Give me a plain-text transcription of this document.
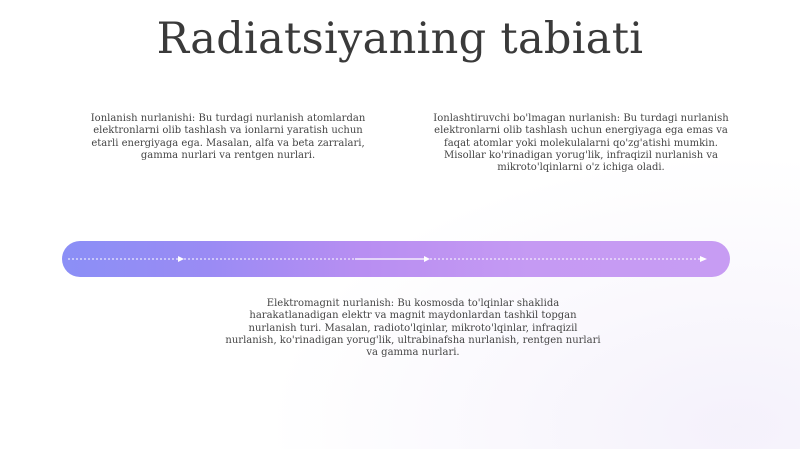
Radiatsiyaning tabiati
Ionlanish nurlanishi: Bu turdagi nurlanish atomlardan elektronlarni olib tashlash va ionlarni yaratish uchun etarli energiyaga ega. Masalan, alfa va beta zarralari, gamma nurlari va rentgen nurlari.
Ionlashtiruvchi bo'lmagan nurlanish: Bu turdagi nurlanish elektronlarni olib tashlash uchun energiyaga ega emas va faqat atomlar yoki molekulalarni qo'zg'atishi mumkin. Misollar ko'rinadigan yorug'lik, infraqizil nurlanish va mikroto'lqinlarni o'z ichiga oladi.
Elektromagnit nurlanish: Bu kosmosda to'lqinlar shaklida harakatlanadigan elektr va magnit maydonlardan tashkil topgan nurlanish turi. Masalan, radioto'lqinlar, mikroto'lqinlar, infraqizil nurlanish, ko'rinadigan yorug'lik, ultrabinafsha nurlanish, rentgen nurlari va gamma nurlari.
